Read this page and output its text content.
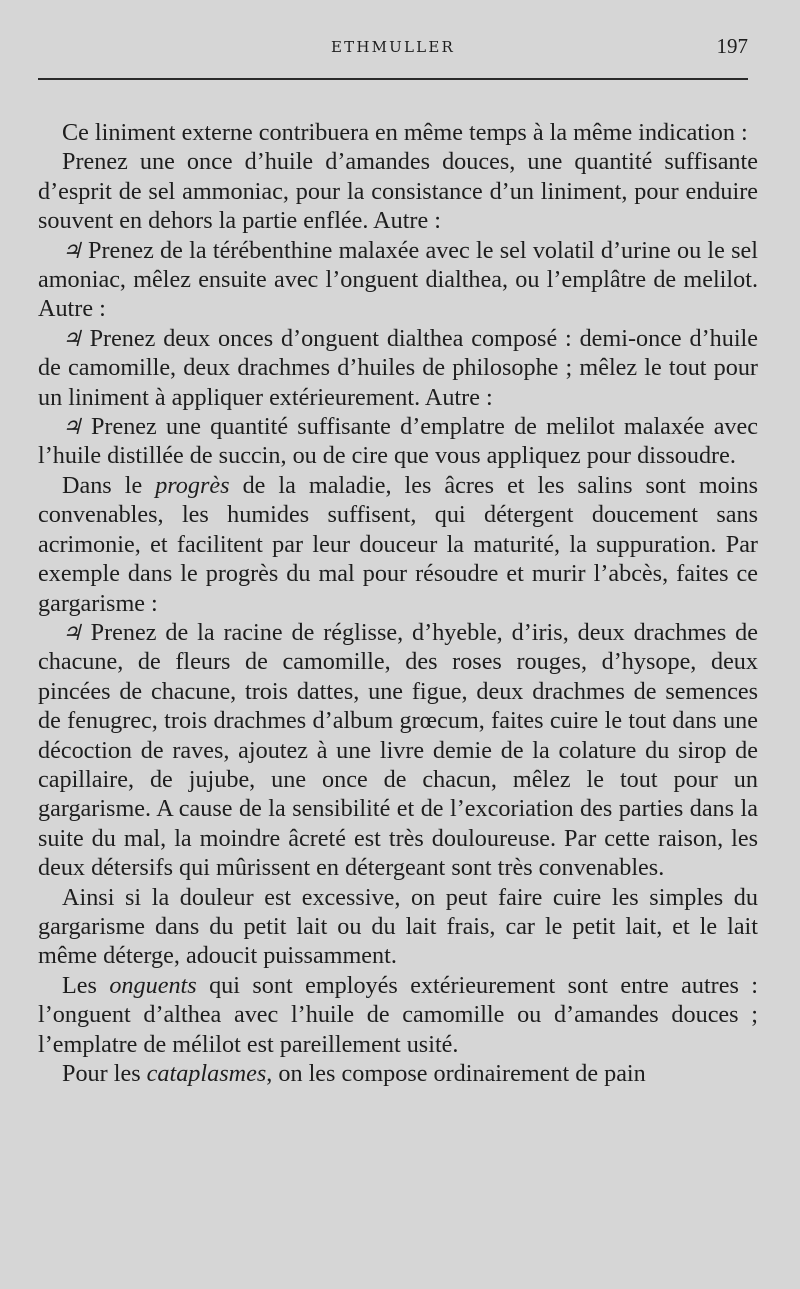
ETHMULLER	197

Ce liniment externe contribuera en même temps à la même indication :

Prenez une once d’huile d’amandes douces, une quantité suffisante d’esprit de sel ammoniac, pour la consistance d’un liniment, pour enduire souvent en dehors la partie enflée. Autre :

♃ Prenez de la térébenthine malaxée avec le sel volatil d’urine ou le sel amoniac, mêlez ensuite avec l’onguent dialthea, ou l’emplâtre de melilot. Autre :

♃ Prenez deux onces d’onguent dialthea composé : demi-once d’huile de camomille, deux drachmes d’huiles de philosophe ; mêlez le tout pour un liniment à appliquer extérieurement. Autre :

♃ Prenez une quantité suffisante d’emplatre de melilot malaxée avec l’huile distillée de succin, ou de cire que vous appliquez pour dissoudre.

Dans le progrès de la maladie, les âcres et les salins sont moins convenables, les humides suffisent, qui détergent doucement sans acrimonie, et facilitent par leur douceur la maturité, la suppuration. Par exemple dans le progrès du mal pour résoudre et murir l’abcès, faites ce gargarisme :

♃ Prenez de la racine de réglisse, d’hyeble, d’iris, deux drachmes de chacune, de fleurs de camomille, des roses rouges, d’hysope, deux pincées de chacune, trois dattes, une figue, deux drachmes de semences de fenugrec, trois drachmes d’album grœcum, faites cuire le tout dans une décoction de raves, ajoutez à une livre demie de la colature du sirop de capillaire, de jujube, une once de chacun, mêlez le tout pour un gargarisme. A cause de la sensibilité et de l’excoriation des parties dans la suite du mal, la moindre âcreté est très douloureuse. Par cette raison, les deux détersifs qui mûrissent en détergeant sont très convenables.

Ainsi si la douleur est excessive, on peut faire cuire les simples du gargarisme dans du petit lait ou du lait frais, car le petit lait, et le lait même déterge, adoucit puissamment.

Les onguents qui sont employés extérieurement sont entre autres : l’onguent d’althea avec l’huile de camomille ou d’amandes douces ; l’emplatre de mélilot est pareillement usité.

Pour les cataplasmes, on les compose ordinairement de pain
